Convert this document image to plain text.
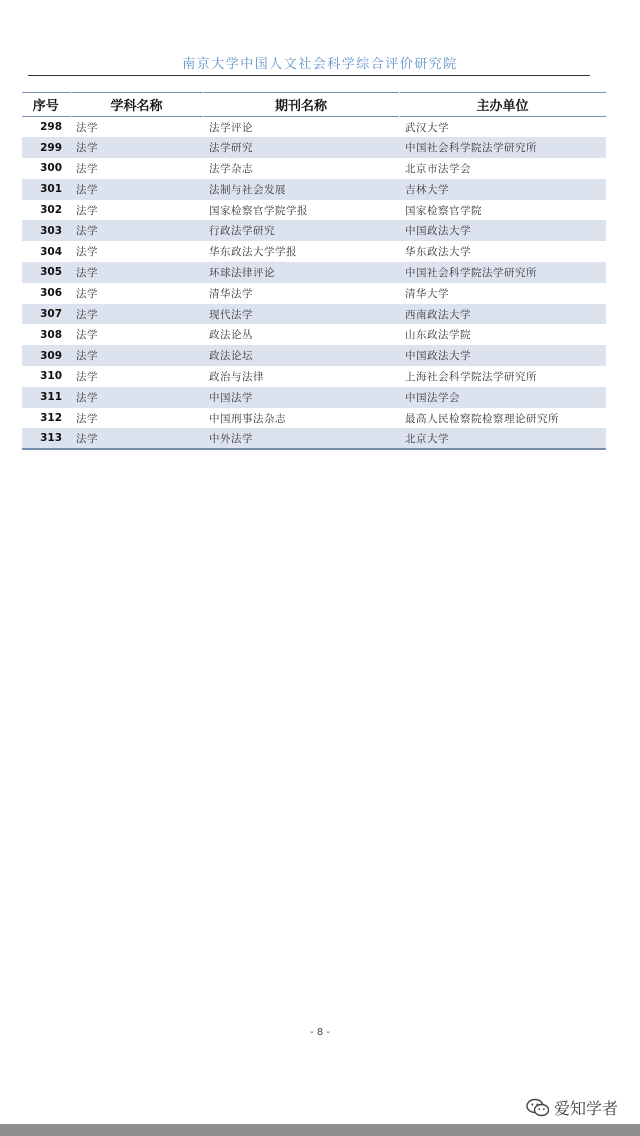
南京大学中国人文社会科学综合评价研究院
序号	学科名称	期刊名称	主办单位
298	法学	法学评论	武汉大学
299	法学	法学研究	中国社会科学院法学研究所
300	法学	法学杂志	北京市法学会
301	法学	法制与社会发展	吉林大学
302	法学	国家检察官学院学报	国家检察官学院
303	法学	行政法学研究	中国政法大学
304	法学	华东政法大学学报	华东政法大学
305	法学	环球法律评论	中国社会科学院法学研究所
306	法学	清华法学	清华大学
307	法学	现代法学	西南政法大学
308	法学	政法论丛	山东政法学院
309	法学	政法论坛	中国政法大学
310	法学	政治与法律	上海社会科学院法学研究所
311	法学	中国法学	中国法学会
312	法学	中国刑事法杂志	最高人民检察院检察理论研究所
313	法学	中外法学	北京大学
- 8 -
爱知学者
